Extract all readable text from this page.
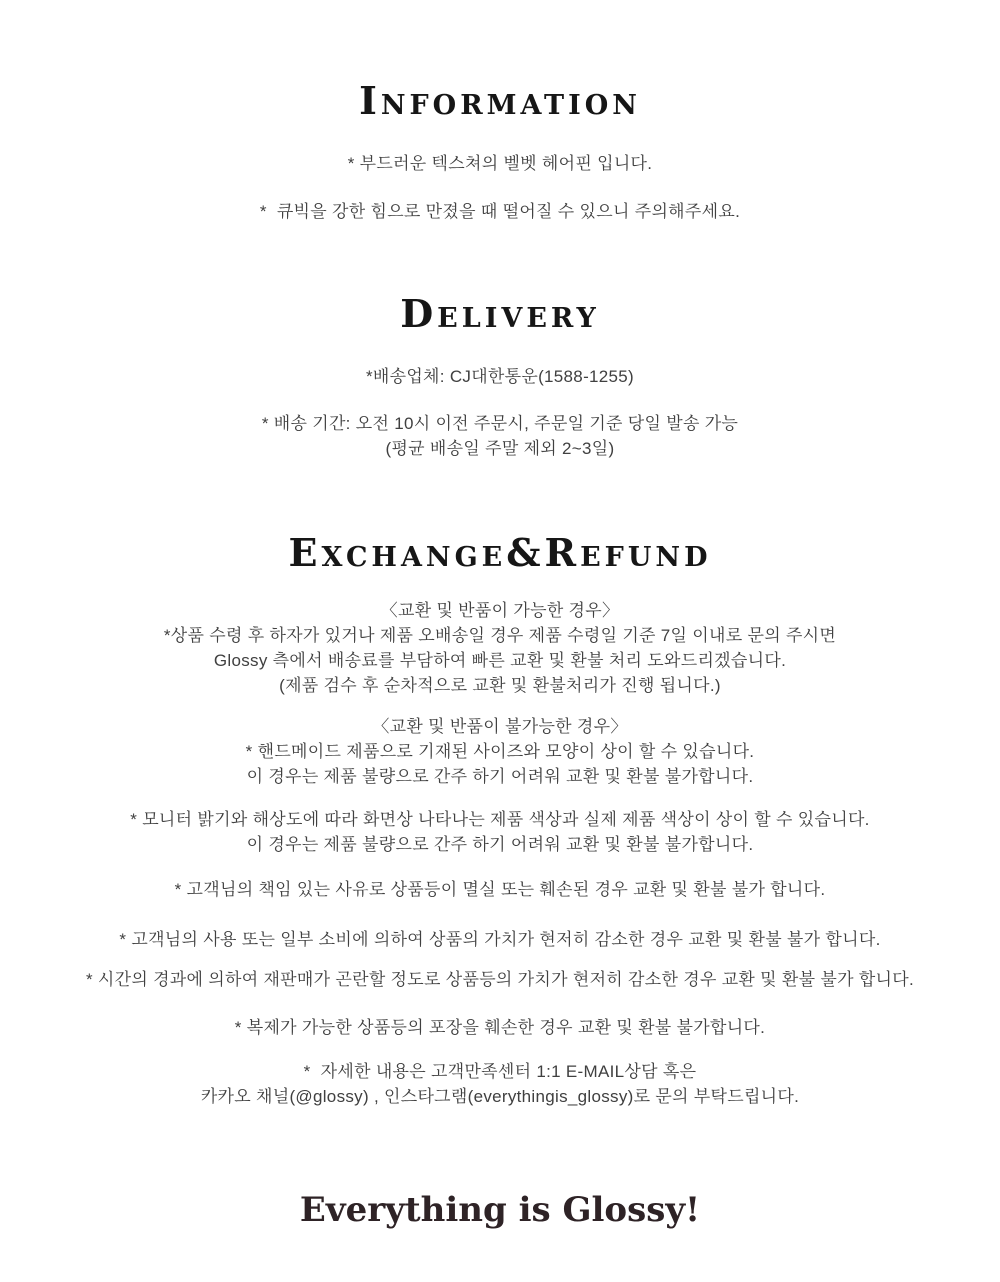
Information
* 부드러운 텍스쳐의 벨벳 헤어핀 입니다.
*  큐빅을 강한 힘으로 만졌을 때 떨어질 수 있으니 주의해주세요.
Delivery
*배송업체: CJ대한통운(1588-1255)
* 배송 기간: 오전 10시 이전 주문시, 주문일 기준 당일 발송 가능
(평균 배송일 주말 제외 2~3일)
Exchange&Refund
〈교환 및 반품이 가능한 경우〉
*상품 수령 후 하자가 있거나 제품 오배송일 경우 제품 수령일 기준 7일 이내로 문의 주시면
Glossy 측에서 배송료를 부담하여 빠른 교환 및 환불 처리 도와드리겠습니다.
(제품 검수 후 순차적으로 교환 및 환불처리가 진행 됩니다.)
〈교환 및 반품이 불가능한 경우〉
* 핸드메이드 제품으로 기재된 사이즈와 모양이 상이 할 수 있습니다.
이 경우는 제품 불량으로 간주 하기 어려워 교환 및 환불 불가합니다.
* 모니터 밝기와 해상도에 따라 화면상 나타나는 제품 색상과 실제 제품 색상이 상이 할 수 있습니다.
이 경우는 제품 불량으로 간주 하기 어려워 교환 및 환불 불가합니다.
* 고객님의 책임 있는 사유로 상품등이 멸실 또는 훼손된 경우 교환 및 환불 불가 합니다.
* 고객님의 사용 또는 일부 소비에 의하여 상품의 가치가 현저히 감소한 경우 교환 및 환불 불가 합니다.
* 시간의 경과에 의하여 재판매가 곤란할 정도로 상품등의 가치가 현저히 감소한 경우 교환 및 환불 불가 합니다.
* 복제가 가능한 상품등의 포장을 훼손한 경우 교환 및 환불 불가합니다.
*  자세한 내용은 고객만족센터 1:1 E-MAIL상담 혹은
카카오 채널(@glossy) , 인스타그램(everythingis_glossy)로 문의 부탁드립니다.
Everything is Glossy!
